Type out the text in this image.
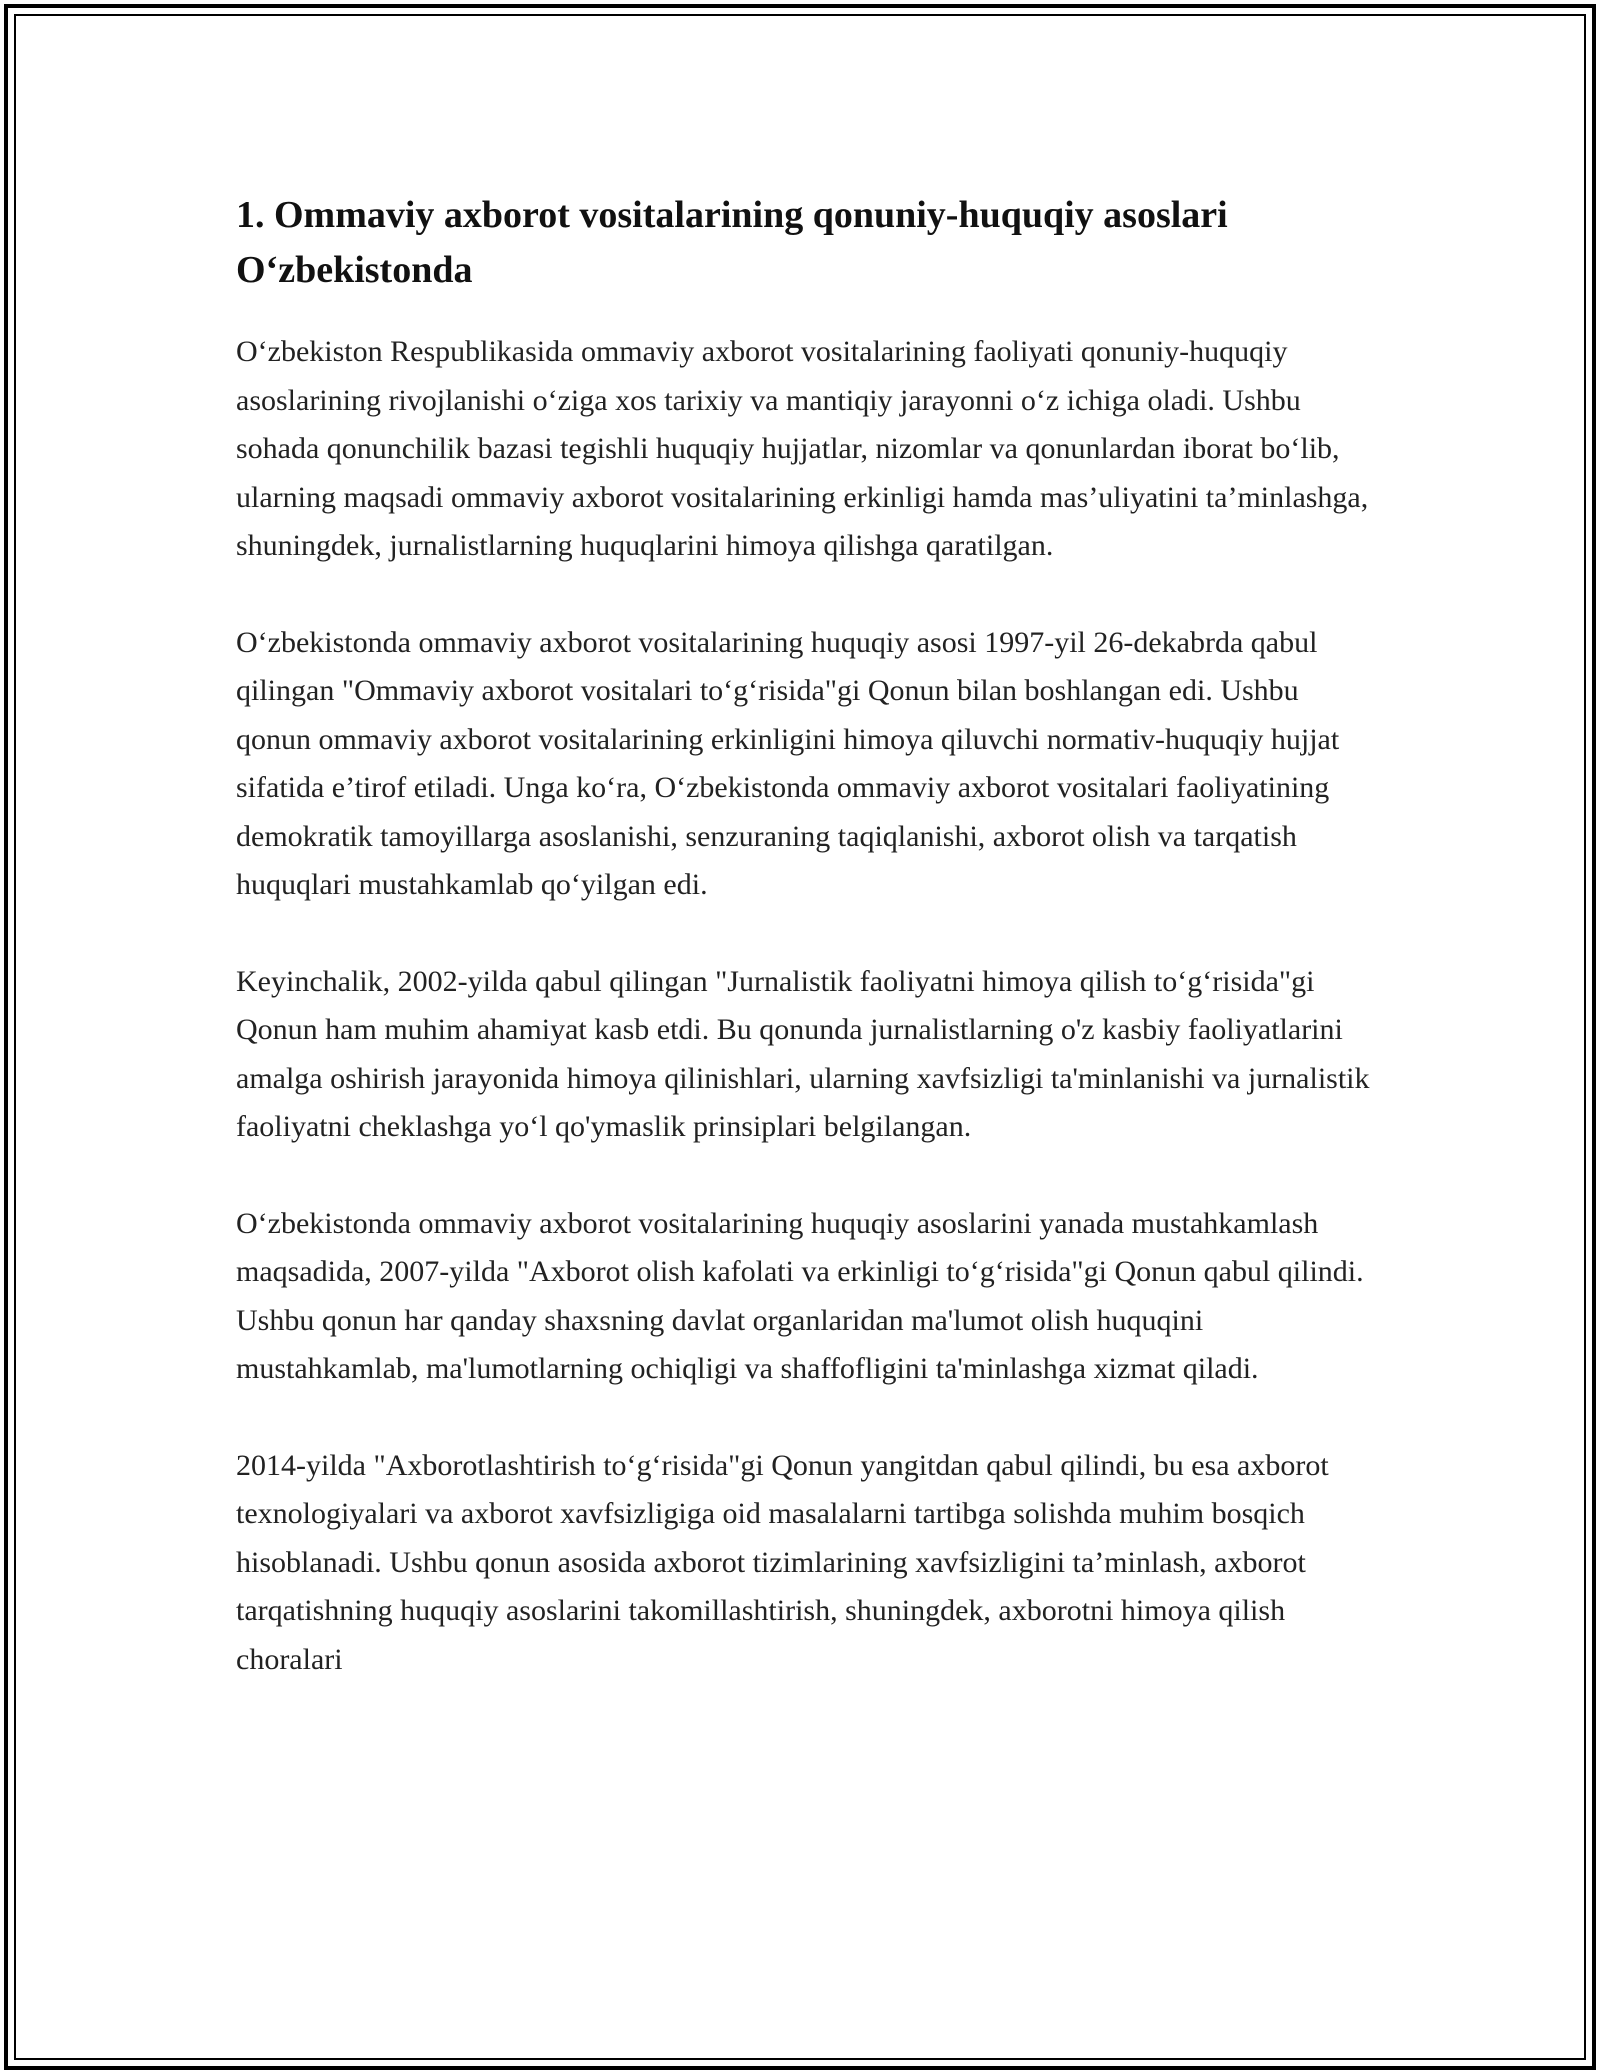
1. Ommaviy axborot vositalarining qonuniy-huquqiy asoslari O‘zbekistonda

O‘zbekiston Respublikasida ommaviy axborot vositalarining faoliyati qonuniy-huquqiy asoslarining rivojlanishi o‘ziga xos tarixiy va mantiqiy jarayonni o‘z ichiga oladi. Ushbu sohada qonunchilik bazasi tegishli huquqiy hujjatlar, nizomlar va qonunlardan iborat bo‘lib, ularning maqsadi ommaviy axborot vositalarining erkinligi hamda mas’uliyatini ta’minlashga, shuningdek, jurnalistlarning huquqlarini himoya qilishga qaratilgan.

O‘zbekistonda ommaviy axborot vositalarining huquqiy asosi 1997-yil 26-dekabrda qabul qilingan "Ommaviy axborot vositalari to‘g‘risida"gi Qonun bilan boshlangan edi. Ushbu qonun ommaviy axborot vositalarining erkinligini himoya qiluvchi normativ-huquqiy hujjat sifatida e’tirof etiladi. Unga ko‘ra, O‘zbekistonda ommaviy axborot vositalari faoliyatining demokratik tamoyillarga asoslanishi, senzuraning taqiqlanishi, axborot olish va tarqatish huquqlari mustahkamlab qo‘yilgan edi.

Keyinchalik, 2002-yilda qabul qilingan "Jurnalistik faoliyatni himoya qilish to‘g‘risida"gi Qonun ham muhim ahamiyat kasb etdi. Bu qonunda jurnalistlarning o'z kasbiy faoliyatlarini amalga oshirish jarayonida himoya qilinishlari, ularning xavfsizligi ta'minlanishi va jurnalistik faoliyatni cheklashga yo‘l qo'ymaslik prinsiplari belgilangan.

O‘zbekistonda ommaviy axborot vositalarining huquqiy asoslarini yanada mustahkamlash maqsadida, 2007-yilda "Axborot olish kafolati va erkinligi to‘g‘risida"gi Qonun qabul qilindi. Ushbu qonun har qanday shaxsning davlat organlaridan ma'lumot olish huquqini mustahkamlab, ma'lumotlarning ochiqligi va shaffofligini ta'minlashga xizmat qiladi.

2014-yilda "Axborotlashtirish to‘g‘risida"gi Qonun yangitdan qabul qilindi, bu esa axborot texnologiyalari va axborot xavfsizligiga oid masalalarni tartibga solishda muhim bosqich hisoblanadi. Ushbu qonun asosida axborot tizimlarining xavfsizligini ta’minlash, axborot tarqatishning huquqiy asoslarini takomillashtirish, shuningdek, axborotni himoya qilish choralari
